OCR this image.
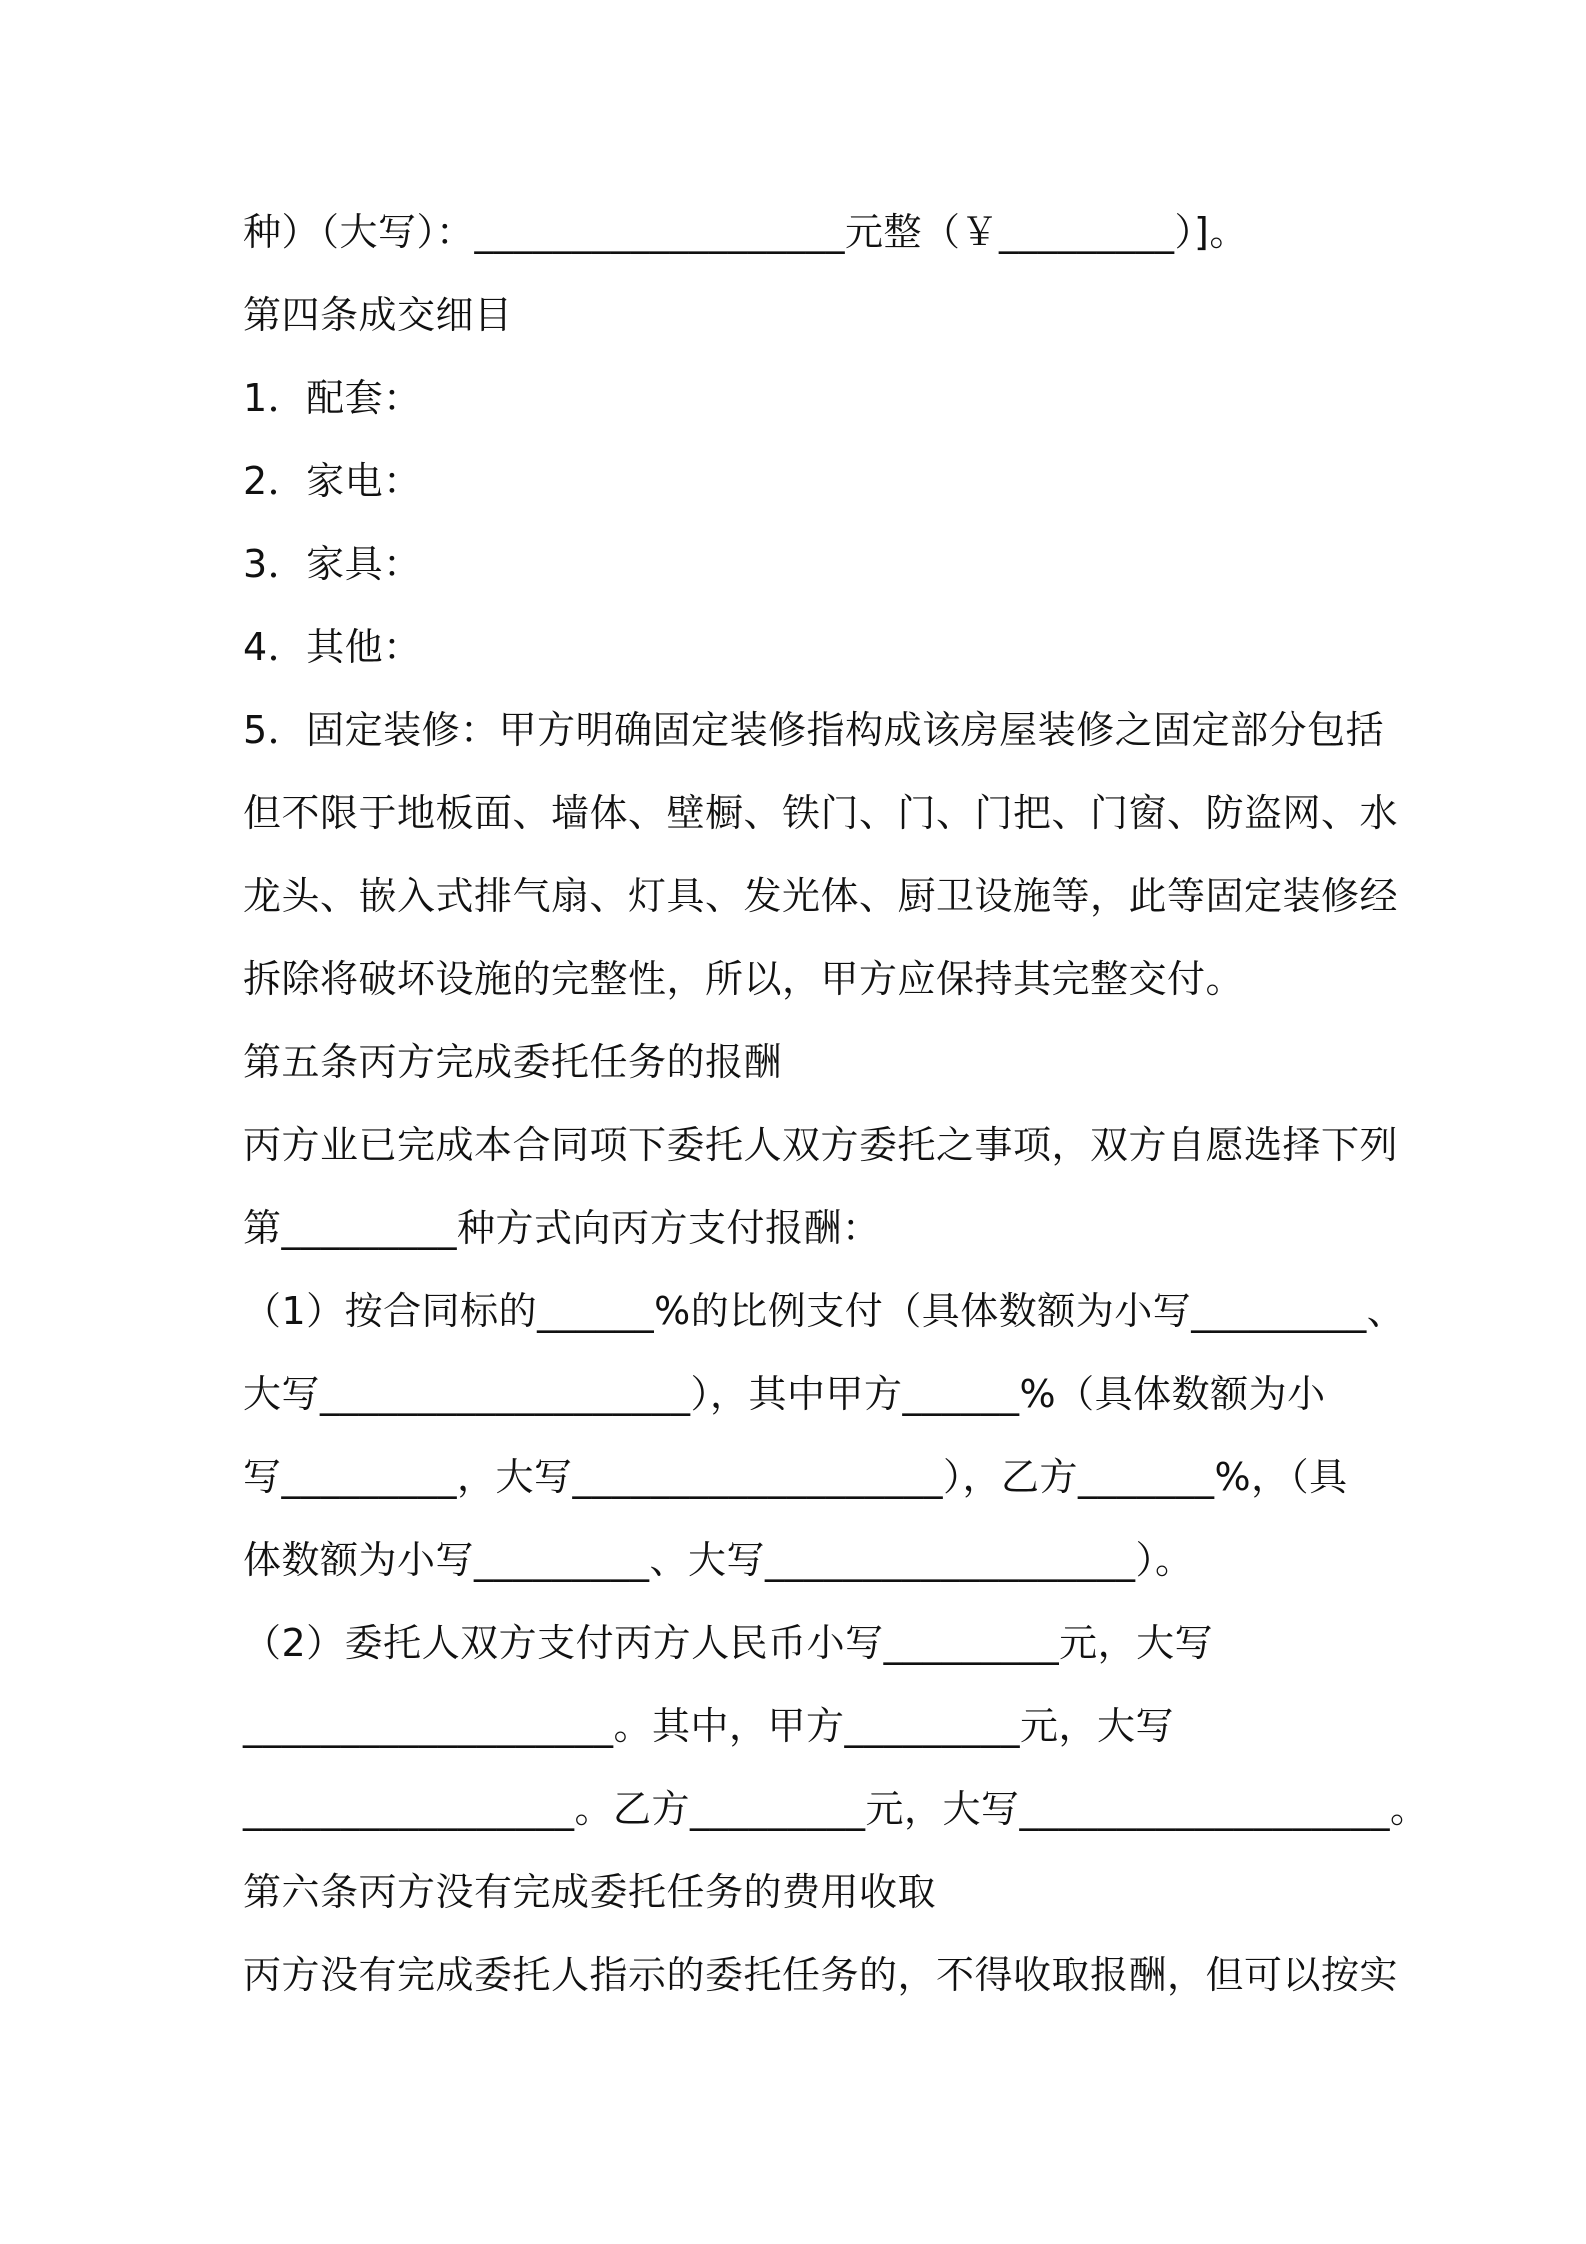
种）（大写）：___________________元整（￥_________）]。
第四条成交细目
1．配套：
2．家电：
3．家具：
4．其他：
5．固定装修：甲方明确固定装修指构成该房屋装修之固定部分包括
但不限于地板面、墙体、壁橱、铁门、门、门把、门窗、防盗网、水
龙头、嵌入式排气扇、灯具、发光体、厨卫设施等，此等固定装修经
拆除将破坏设施的完整性，所以，甲方应保持其完整交付。
第五条丙方完成委托任务的报酬
丙方业已完成本合同项下委托人双方委托之事项，双方自愿选择下列
第_________种方式向丙方支付报酬：
（1）按合同标的______%的比例支付（具体数额为小写_________、
大写___________________），其中甲方______%（具体数额为小
写_________，大写___________________），乙方_______%，（具
体数额为小写_________、大写___________________）。
（2）委托人双方支付丙方人民币小写_________元，大写
___________________。其中，甲方_________元，大写
_________________。乙方_________元，大写___________________。
第六条丙方没有完成委托任务的费用收取
丙方没有完成委托人指示的委托任务的，不得收取报酬，但可以按实
